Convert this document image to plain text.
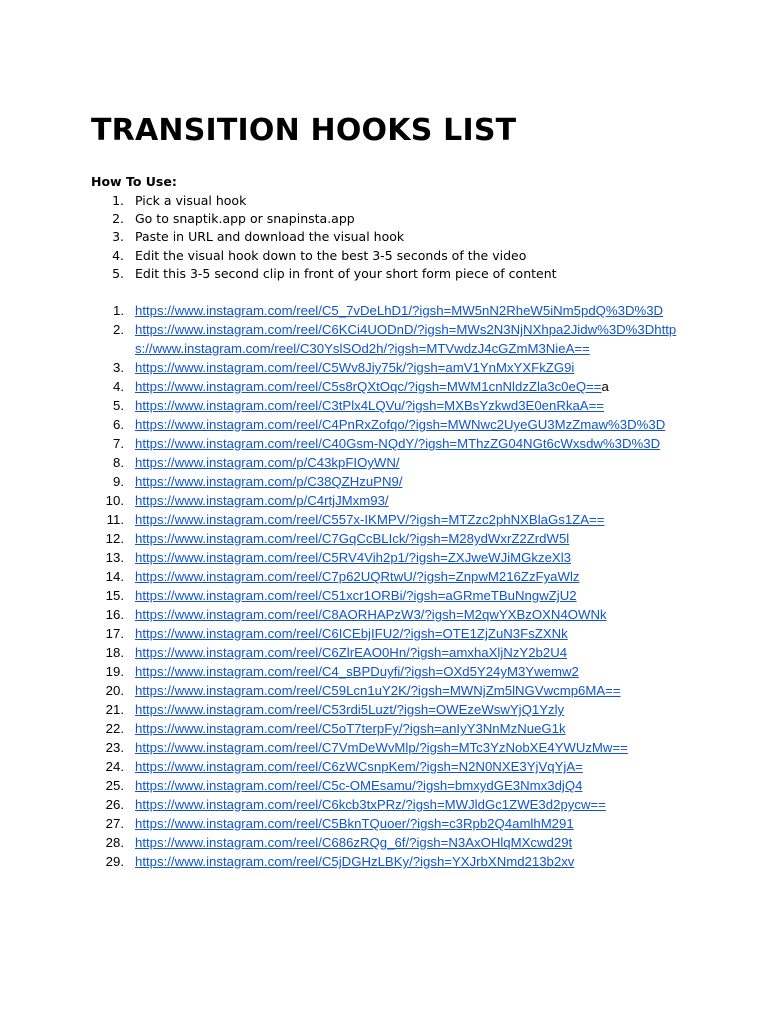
TRANSITION HOOKS LIST
How To Use:
1. Pick a visual hook
2. Go to snaptik.app or snapinsta.app
3. Paste in URL and download the visual hook
4. Edit the visual hook down to the best 3-5 seconds of the video
5. Edit this 3-5 second clip in front of your short form piece of content
1. https://www.instagram.com/reel/C5_7vDeLhD1/?igsh=MW5nN2RheW5iNm5pdQ%3D%3D
2. https://www.instagram.com/reel/C6KCi4UODnD/?igsh=MWs2N3NjNXhpa2Jidw%3D%3Dhttps://www.instagram.com/reel/C30YslSOd2h/?igsh=MTVwdzJ4cGZmM3NieA==
3. https://www.instagram.com/reel/C5Wv8Jiy75k/?igsh=amV1YnMxYXFkZG9i
4. https://www.instagram.com/reel/C5s8rQXtOqc/?igsh=MWM1cnNldzZla3c0eQ==a
5. https://www.instagram.com/reel/C3tPlx4LQVu/?igsh=MXBsYzkwd3E0enRkaA==
6. https://www.instagram.com/reel/C4PnRxZofqo/?igsh=MWNwc2UyeGU3MzZmaw%3D%3D
7. https://www.instagram.com/reel/C40Gsm-NQdY/?igsh=MThzZG04NGt6cWxsdw%3D%3D
8. https://www.instagram.com/p/C43kpFIOyWN/
9. https://www.instagram.com/p/C38QZHzuPN9/
10. https://www.instagram.com/p/C4rtjJMxm93/
11. https://www.instagram.com/reel/C557x-IKMPV/?igsh=MTZzc2phNXBlaGs1ZA==
12. https://www.instagram.com/reel/C7GqCcBLIck/?igsh=M28ydWxrZ2ZrdW5l
13. https://www.instagram.com/reel/C5RV4Vih2p1/?igsh=ZXJweWJiMGkzeXl3
14. https://www.instagram.com/reel/C7p62UQRtwU/?igsh=ZnpwM216ZzFyaWlz
15. https://www.instagram.com/reel/C51xcr1ORBi/?igsh=aGRmeTBuNngwZjU2
16. https://www.instagram.com/reel/C8AORHAPzW3/?igsh=M2qwYXBzOXN4OWNk
17. https://www.instagram.com/reel/C6ICEbjIFU2/?igsh=OTE1ZjZuN3FsZXNk
18. https://www.instagram.com/reel/C6ZlrEAO0Hn/?igsh=amxhaXljNzY2b2U4
19. https://www.instagram.com/reel/C4_sBPDuyfi/?igsh=OXd5Y24yM3Ywemw2
20. https://www.instagram.com/reel/C59Lcn1uY2K/?igsh=MWNjZm5lNGVwcmp6MA==
21. https://www.instagram.com/reel/C53rdi5Luzt/?igsh=OWEzeWswYjQ1Yzly
22. https://www.instagram.com/reel/C5oT7terpFy/?igsh=anIyY3NnMzNueG1k
23. https://www.instagram.com/reel/C7VmDeWvMlp/?igsh=MTc3YzNobXE4YWUzMw==
24. https://www.instagram.com/reel/C6zWCsnpKem/?igsh=N2N0NXE3YjVqYjA=
25. https://www.instagram.com/reel/C5c-OMEsamu/?igsh=bmxydGE3Nmx3djQ4
26. https://www.instagram.com/reel/C6kcb3txPRz/?igsh=MWJldGc1ZWE3d2pycw==
27. https://www.instagram.com/reel/C5BknTQuoer/?igsh=c3Rpb2Q4amlhM291
28. https://www.instagram.com/reel/C686zRQg_6f/?igsh=N3AxOHlqMXcwd29t
29. https://www.instagram.com/reel/C5jDGHzLBKy/?igsh=YXJrbXNmd213b2xv
